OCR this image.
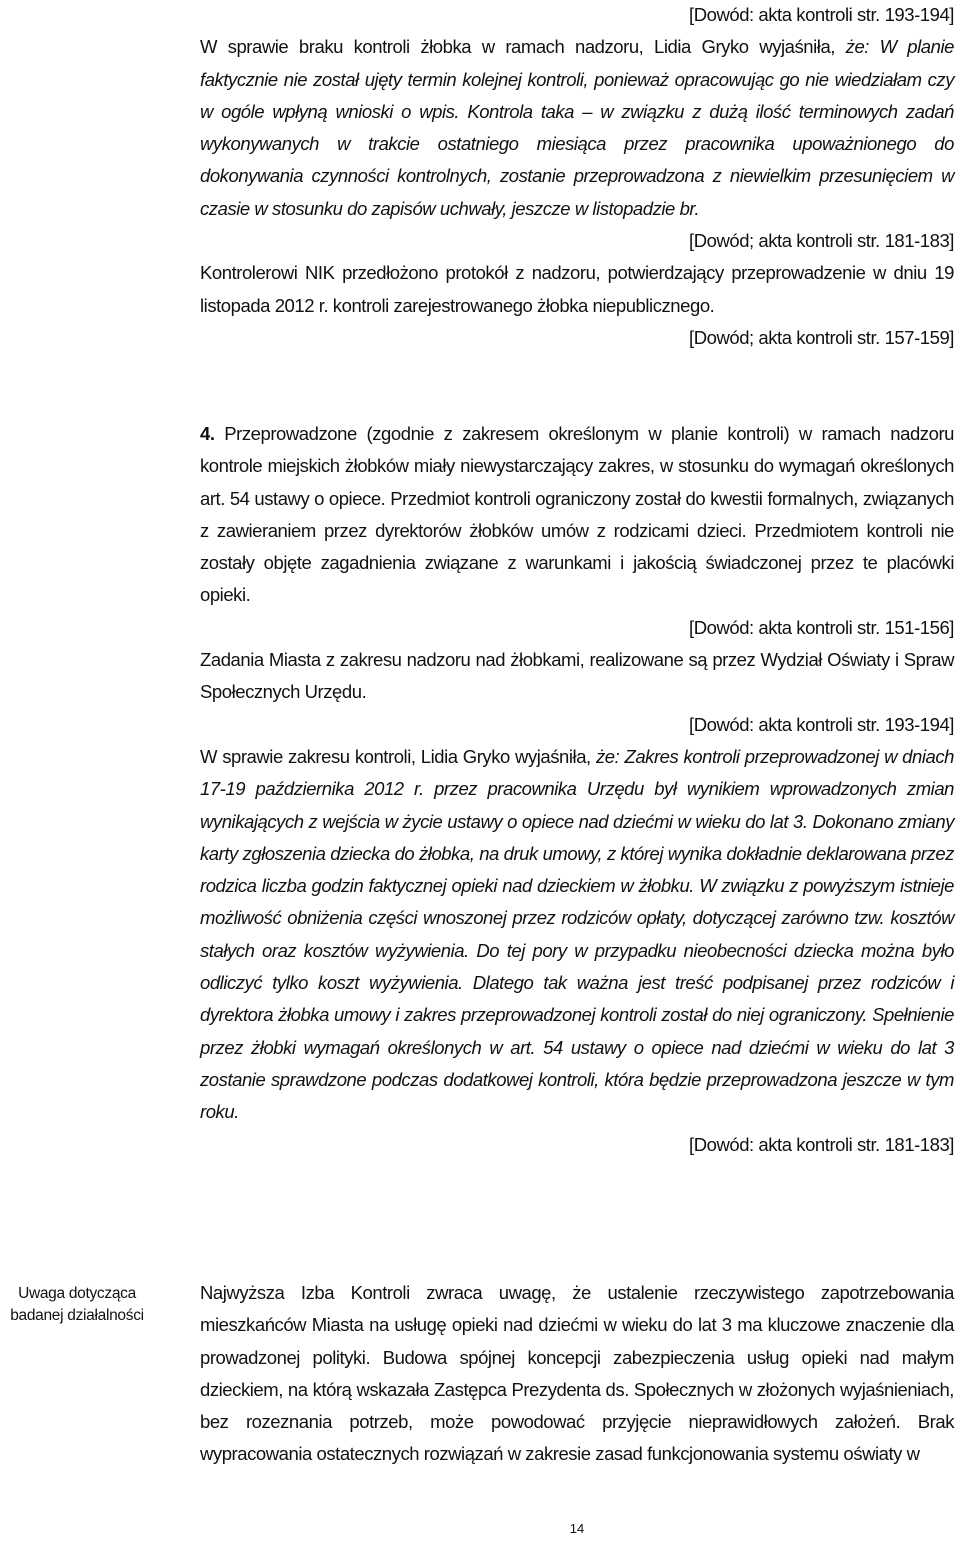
[Dowód: akta kontroli str. 193-194]

W sprawie braku kontroli żłobka w ramach nadzoru, Lidia Gryko wyjaśniła, że: W planie faktycznie nie został ujęty termin kolejnej kontroli, ponieważ opracowując go nie wiedziałam czy w ogóle wpłyną wnioski o wpis. Kontrola taka – w związku z dużą ilość terminowych zadań wykonywanych w trakcie ostatniego miesiąca przez pracownika upoważnionego do dokonywania czynności kontrolnych, zostanie przeprowadzona z niewielkim przesunięciem w czasie w stosunku do zapisów uchwały, jeszcze w listopadzie br.

[Dowód; akta kontroli str. 181-183]

Kontrolerowi NIK przedłożono protokół z nadzoru, potwierdzający przeprowadzenie w dniu 19 listopada 2012 r. kontroli zarejestrowanego żłobka niepublicznego.

[Dowód; akta kontroli str. 157-159]

4. Przeprowadzone (zgodnie z zakresem określonym w planie kontroli) w ramach nadzoru kontrole miejskich żłobków miały niewystarczający zakres, w stosunku do wymagań określonych art. 54 ustawy o opiece. Przedmiot kontroli ograniczony został do kwestii formalnych, związanych z zawieraniem przez dyrektorów żłobków umów z rodzicami dzieci. Przedmiotem kontroli nie zostały objęte zagadnienia związane z warunkami i jakością świadczonej przez te placówki opieki.

[Dowód: akta kontroli str. 151-156]

Zadania Miasta z zakresu nadzoru nad żłobkami, realizowane są przez Wydział Oświaty i Spraw Społecznych Urzędu.

[Dowód: akta kontroli str. 193-194]

W sprawie zakresu kontroli, Lidia Gryko wyjaśniła, że: Zakres kontroli przeprowadzonej w dniach 17-19 października 2012 r. przez pracownika Urzędu był wynikiem wprowadzonych zmian wynikających z wejścia w życie ustawy o opiece nad dziećmi w wieku do lat 3. Dokonano zmiany karty zgłoszenia dziecka do żłobka, na druk umowy, z której wynika dokładnie deklarowana przez rodzica liczba godzin faktycznej opieki nad dzieckiem w żłobku. W związku z powyższym istnieje możliwość obniżenia części wnoszonej przez rodziców opłaty, dotyczącej zarówno tzw. kosztów stałych oraz kosztów wyżywienia. Do tej pory w przypadku nieobecności dziecka można było odliczyć tylko koszt wyżywienia. Dlatego tak ważna jest treść podpisanej przez rodziców i dyrektora żłobka umowy i zakres przeprowadzonej kontroli został do niej ograniczony. Spełnienie przez żłobki wymagań określonych w art. 54 ustawy o opiece nad dziećmi w wieku do lat 3 zostanie sprawdzone podczas dodatkowej kontroli, która będzie przeprowadzona jeszcze w tym roku.

[Dowód: akta kontroli str. 181-183]

Uwaga dotycząca badanej działalności

Najwyższa Izba Kontroli zwraca uwagę, że ustalenie rzeczywistego zapotrzebowania mieszkańców Miasta na usługę opieki nad dziećmi w wieku do lat 3 ma kluczowe znaczenie dla prowadzonej polityki. Budowa spójnej koncepcji zabezpieczenia usług opieki nad małym dzieckiem, na którą wskazała Zastępca Prezydenta ds. Społecznych w złożonych wyjaśnieniach, bez rozeznania potrzeb, może powodować przyjęcie nieprawidłowych założeń. Brak wypracowania ostatecznych rozwiązań w zakresie zasad funkcjonowania systemu oświaty w

14
